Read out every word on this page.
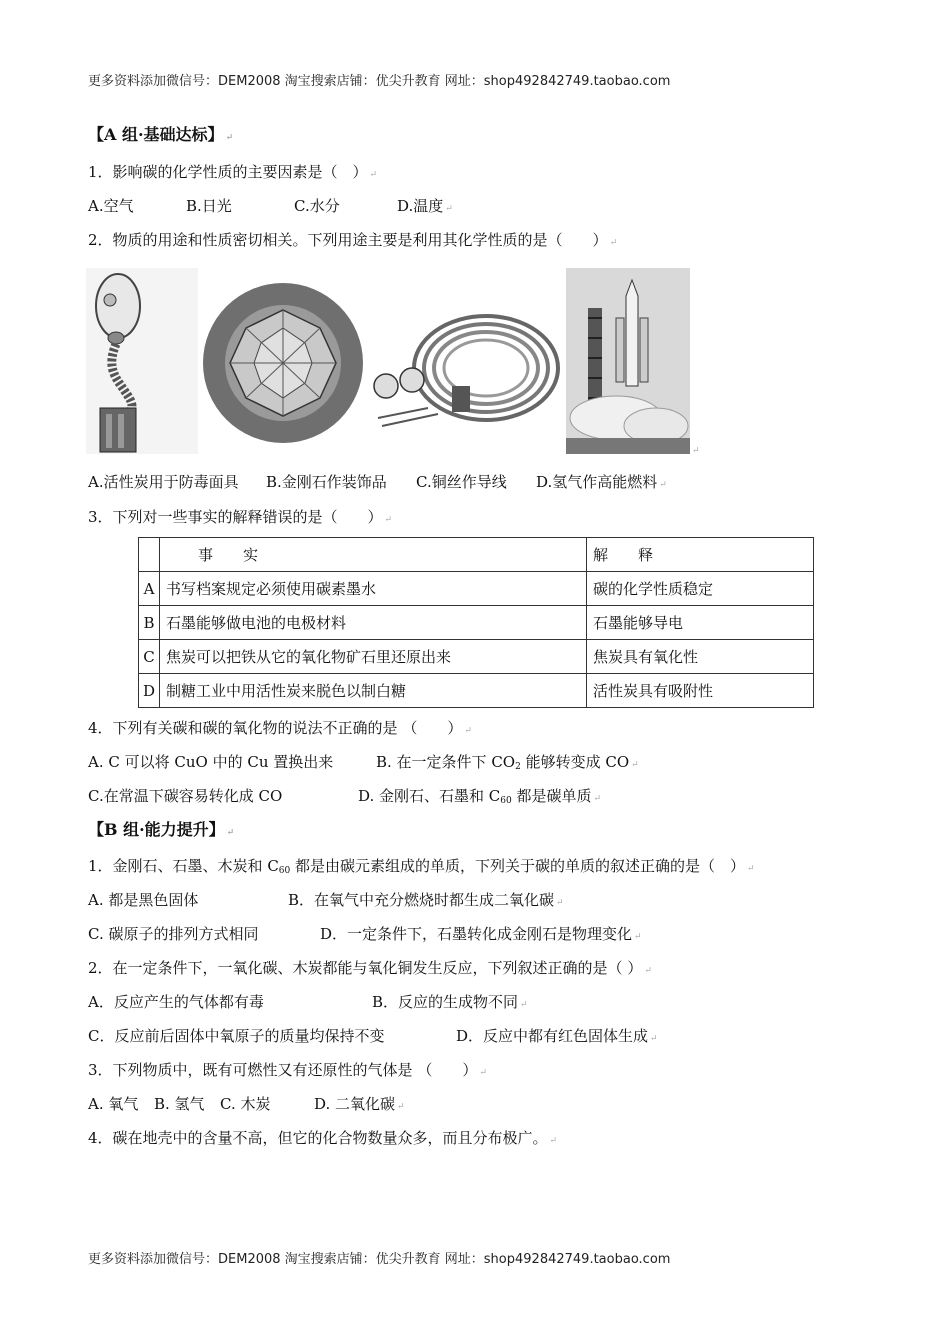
更多资料添加微信号：DEM2008 淘宝搜索店铺：优尖升教育 网址：shop492842749.taobao.com
【A 组·基础达标】 ↵
1．影响碳的化学性质的主要因素是（　） ↵
A.空气	B.日光	C.水分	D.温度 ↵
2．物质的用途和性质密切相关。下列用途主要是利用其化学性质的是（　　） ↵
↵
A.活性炭用于防毒面具 B.金刚石作装饰品 C.铜丝作导线 D.氢气作高能燃料 ↵
3．下列对一些事实的解释错误的是（　　） ↵
	事　　实	解　　释
A	书写档案规定必须使用碳素墨水	碳的化学性质稳定
B	石墨能够做电池的电极材料	石墨能够导电
C	焦炭可以把铁从它的氧化物矿石里还原出来	焦炭具有氧化性
D	制糖工业中用活性炭来脱色以制白糖	活性炭具有吸附性
4．下列有关碳和碳的氧化物的说法不正确的是 （　　） ↵
A. C 可以将 CuO 中的 Cu 置换出来	B. 在一定条件下 $CO_2$ 能够转变成 CO ↵
C.在常温下碳容易转化成 CO	D. 金刚石、石墨和 $C_{60}$ 都是碳单质 ↵
【B 组·能力提升】 ↵
1．金刚石、石墨、木炭和 $C_{60}$ 都是由碳元素组成的单质，下列关于碳的单质的叙述正确的是（　） ↵
A. 都是黑色固体	B．在氧气中充分燃烧时都生成二氧化碳 ↵
C. 碳原子的排列方式相同	D．一定条件下，石墨转化成金刚石是物理变化 ↵
2．在一定条件下，一氧化碳、木炭都能与氧化铜发生反应，下列叙述正确的是（ ） ↵
A．反应产生的气体都有毒	B．反应的生成物不同 ↵
C．反应前后固体中氧原子的质量均保持不变	D．反应中都有红色固体生成 ↵
3．下列物质中，既有可燃性又有还原性的气体是 （　　） ↵
A. 氧气 B. 氢气 C. 木炭	D. 二氧化碳 ↵
4．碳在地壳中的含量不高，但它的化合物数量众多，而且分布极广。 ↵
更多资料添加微信号：DEM2008 淘宝搜索店铺：优尖升教育 网址：shop492842749.taobao.com
